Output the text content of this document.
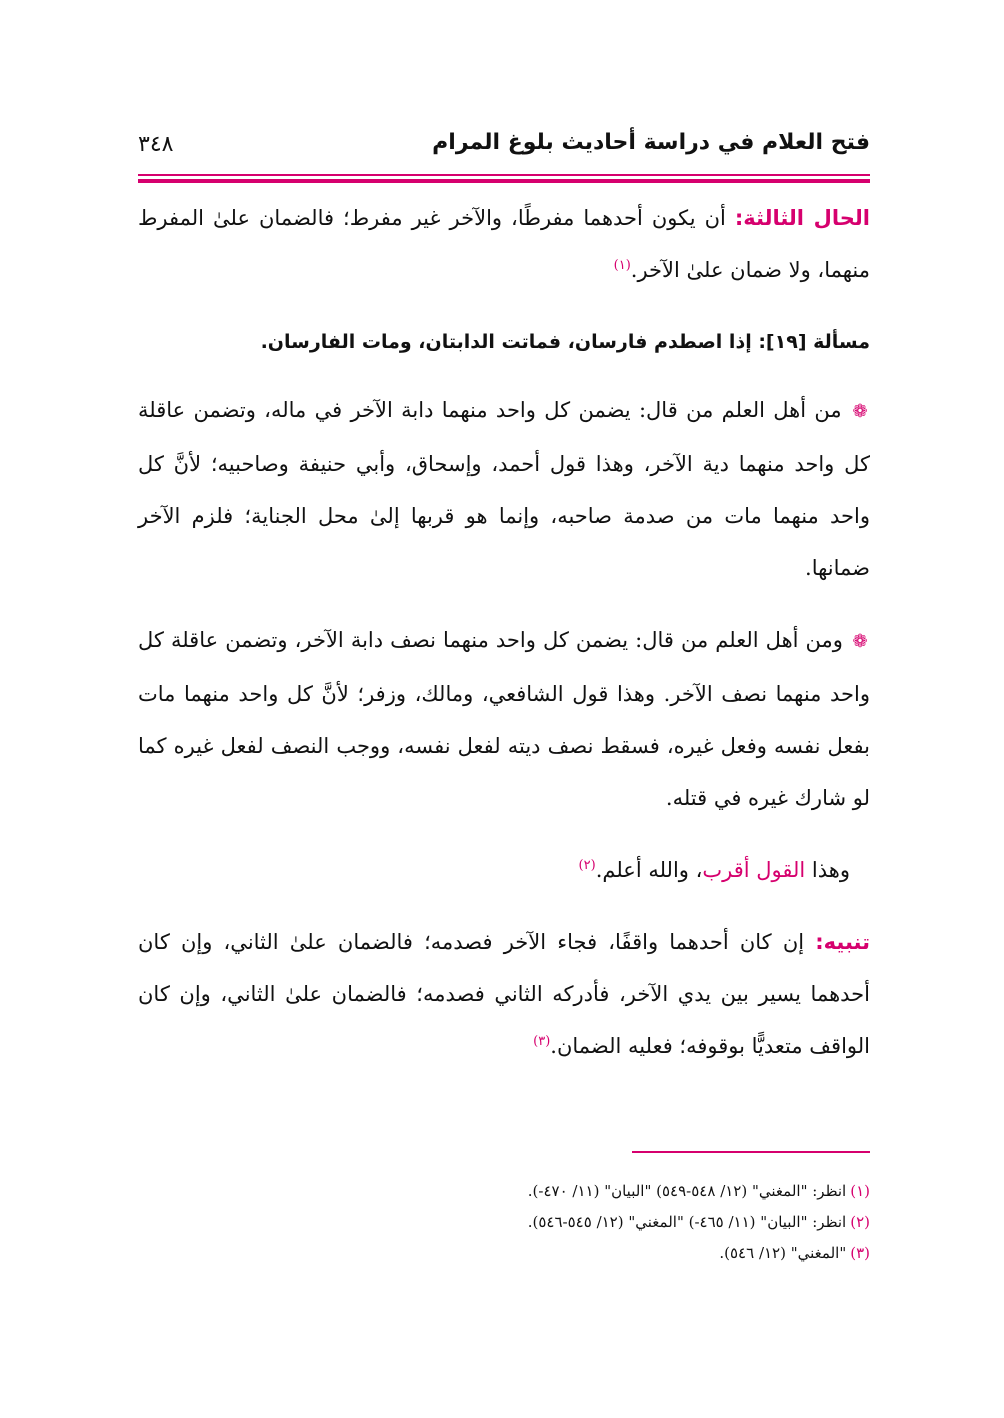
فتح العلام في دراسة أحاديث بلوغ المرام
٣٤٨

الحال الثالثة: أن يكون أحدهما مفرطًا، والآخر غير مفرط؛ فالضمان علىٰ المفرط منهما، ولا ضمان علىٰ الآخر.$^{(١)}$

مسألة [١٩]: إذا اصطدم فارسان، فماتت الدابتان، ومات الفارسان.

❁ من أهل العلم من قال: يضمن كل واحد منهما دابة الآخر في ماله، وتضمن عاقلة كل واحد منهما دية الآخر، وهذا قول أحمد، وإسحاق، وأبي حنيفة وصاحبيه؛ لأنَّ كل واحد منهما مات من صدمة صاحبه، وإنما هو قربها إلىٰ محل الجناية؛ فلزم الآخر ضمانها.

❁ ومن أهل العلم من قال: يضمن كل واحد منهما نصف دابة الآخر، وتضمن عاقلة كل واحد منهما نصف الآخر. وهذا قول الشافعي، ومالك، وزفر؛ لأنَّ كل واحد منهما مات بفعل نفسه وفعل غيره، فسقط نصف ديته لفعل نفسه، ووجب النصف لفعل غيره كما لو شارك غيره في قتله.

وهذا القول أقرب، والله أعلم.$^{(٢)}$

تنبيه: إن كان أحدهما واقفًا، فجاء الآخر فصدمه؛ فالضمان علىٰ الثاني، وإن كان أحدهما يسير بين يدي الآخر، فأدركه الثاني فصدمه؛ فالضمان علىٰ الثاني، وإن كان الواقف متعديًّا بوقوفه؛ فعليه الضمان.$^{(٣)}$

(١)انظر: "المغني" (١٢/ ٥٤٨-٥٤٩) "البيان" (١١/ ٤٧٠-).

(٢)انظر: "البيان" (١١/ ٤٦٥-) "المغني" (١٢/ ٥٤٥-٥٤٦).

(٣)"المغني" (١٢/ ٥٤٦).
